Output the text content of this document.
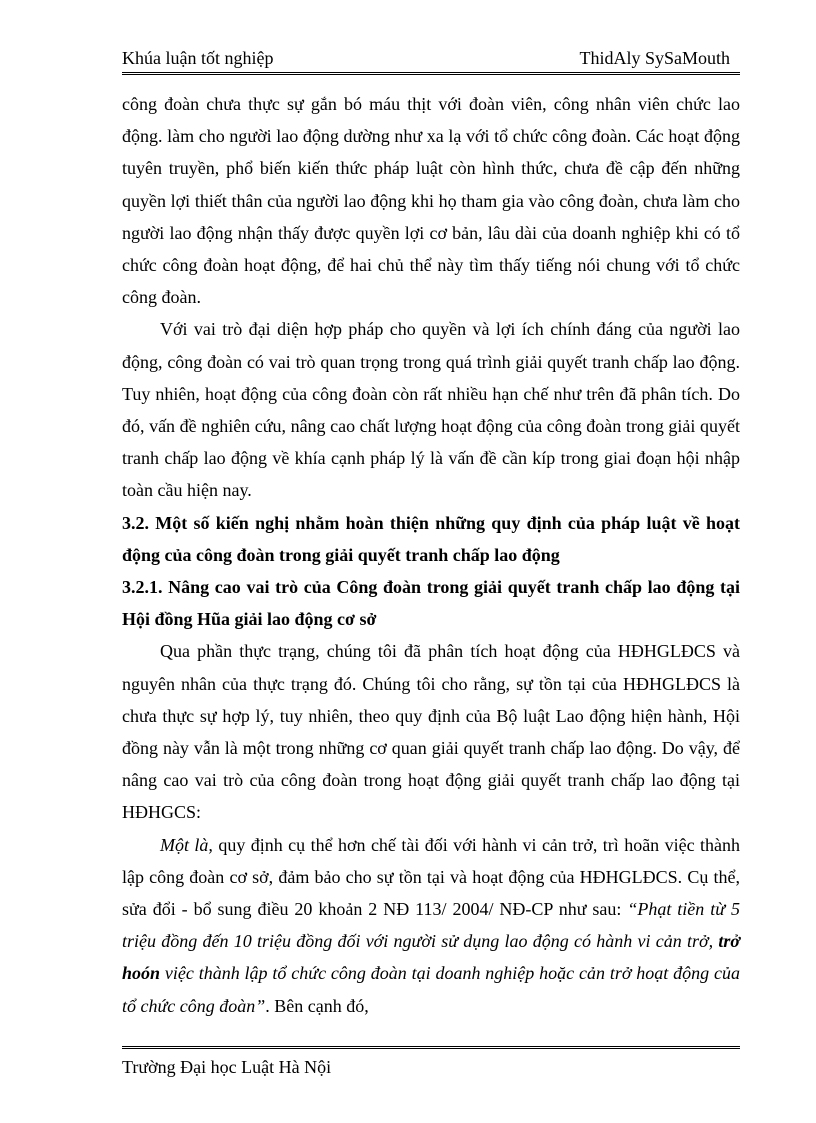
Khúa luận tốt nghiệp	ThidAly SySaMouth

công đoàn chưa thực sự gắn bó máu thịt với đoàn viên, công nhân viên chức lao động. làm cho người lao động dường như xa lạ với tổ chức công đoàn. Các hoạt động tuyên truyền, phổ biến kiến thức pháp luật còn hình thức, chưa đề cập đến những quyền lợi thiết thân của người lao động khi họ tham gia vào công đoàn, chưa làm cho người lao động nhận thấy được quyền lợi cơ bản, lâu dài của doanh nghiệp khi có tổ chức công đoàn hoạt động, để hai chủ thể này tìm thấy tiếng nói chung với tổ chức công đoàn.

Với vai trò đại diện hợp pháp cho quyền và lợi ích chính đáng của người lao động, công đoàn có vai trò quan trọng trong quá trình giải quyết tranh chấp lao động. Tuy nhiên, hoạt động của công đoàn còn rất nhiều hạn chế như trên đã phân tích. Do đó, vấn đề nghiên cứu, nâng cao chất lượng hoạt động của công đoàn trong giải quyết tranh chấp lao động về khía cạnh pháp lý là vấn đề cần kíp trong giai đoạn hội nhập toàn cầu hiện nay.

3.2. Một số kiến nghị nhằm hoàn thiện những quy định của pháp luật về hoạt động của công đoàn trong giải quyết tranh chấp lao động
3.2.1. Nâng cao vai trò của Công đoàn trong giải quyết tranh chấp lao động tại Hội đồng Hũa giải lao động cơ sở

Qua phần thực trạng, chúng tôi đã phân tích hoạt động của HĐHGLĐCS và nguyên nhân của thực trạng đó. Chúng tôi cho rằng, sự tồn tại của HĐHGLĐCS là chưa thực sự hợp lý, tuy nhiên, theo quy định của Bộ luật Lao động hiện hành, Hội đồng này vẫn là một trong những cơ quan giải quyết tranh chấp lao động. Do vậy, để nâng cao vai trò của công đoàn trong hoạt động giải quyết tranh chấp lao động tại HĐHGCS:

Một là, quy định cụ thể hơn chế tài đối với hành vi cản trở, trì hoãn việc thành lập công đoàn cơ sở, đảm bảo cho sự tồn tại và hoạt động của HĐHGLĐCS. Cụ thể, sửa đổi - bổ sung điều 20 khoản 2 NĐ 113/ 2004/ NĐ-CP như sau: “Phạt tiền từ 5 triệu đồng đến 10 triệu đồng đối với người sử dụng lao động có hành vi cản trở, trở hoón việc thành lập tổ chức công đoàn tại doanh nghiệp hoặc cản trở hoạt động của tổ chức công đoàn”. Bên cạnh đó,

Trường Đại học Luật Hà Nội
